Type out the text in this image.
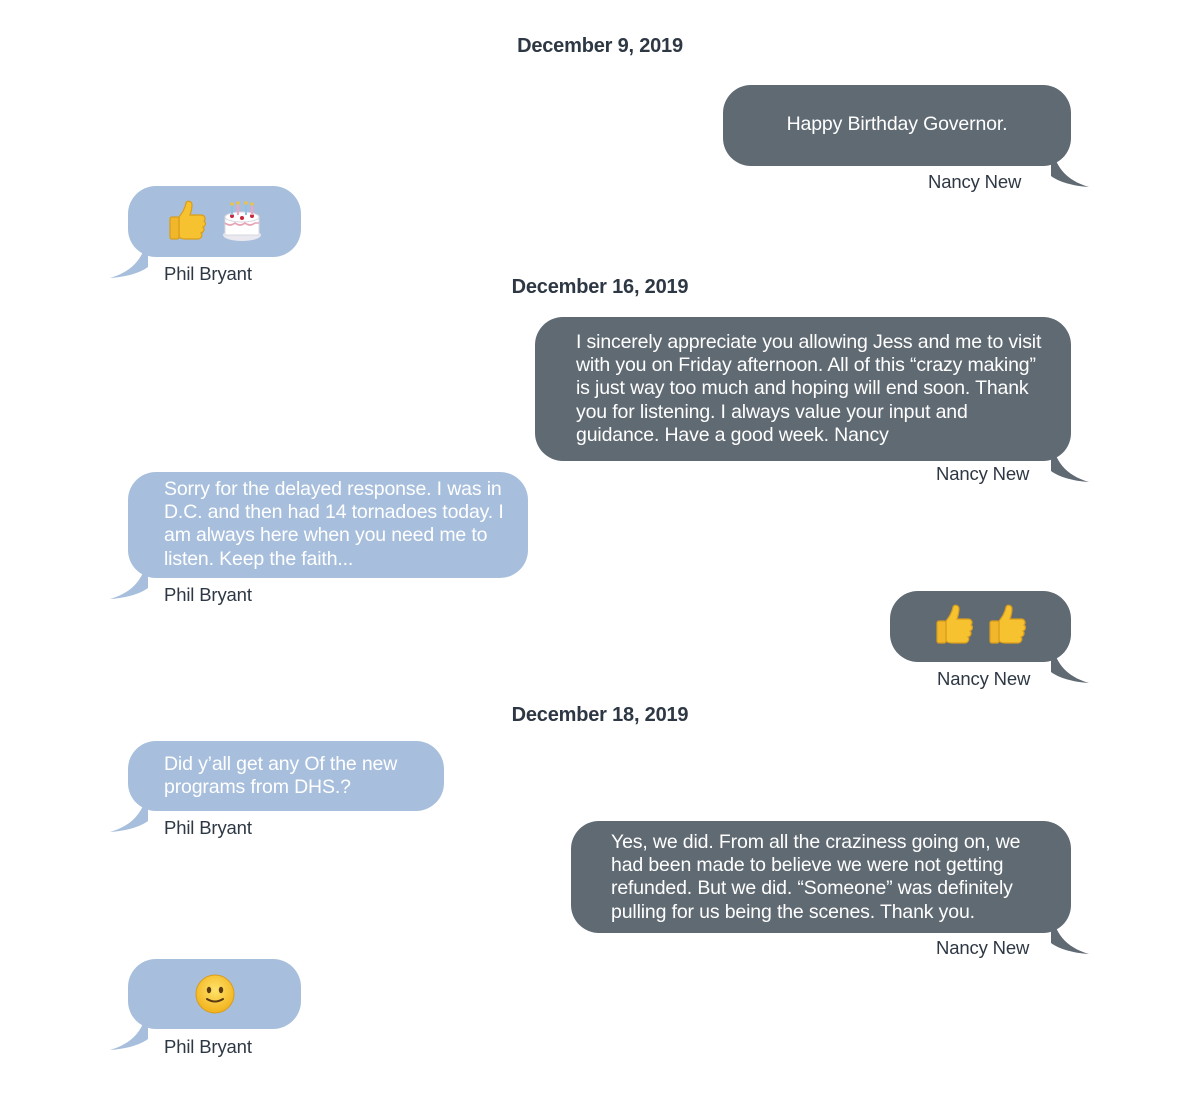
December 9, 2019
Happy Birthday Governor.
Nancy New

Phil Bryant
December 16, 2019
I sincerely appreciate you allowing Jess and me to visit with you on Friday afternoon. All of this “crazy making” is just way too much and hoping will end soon. Thank you for listening. I always value your input and guidance. Have a good week. Nancy
Nancy New
Sorry for the delayed response. I was in D.C. and then had 14 tornadoes today. I am always here when you need me to listen. Keep the faith...
Phil Bryant

Nancy New
December 18, 2019
Did y’all get any Of the new programs from DHS.?
Phil Bryant
Yes, we did. From all the craziness going on, we had been made to believe we were not getting refunded. But we did. “Someone” was definitely pulling for us being the scenes. Thank you.
Nancy New
Phil Bryant
